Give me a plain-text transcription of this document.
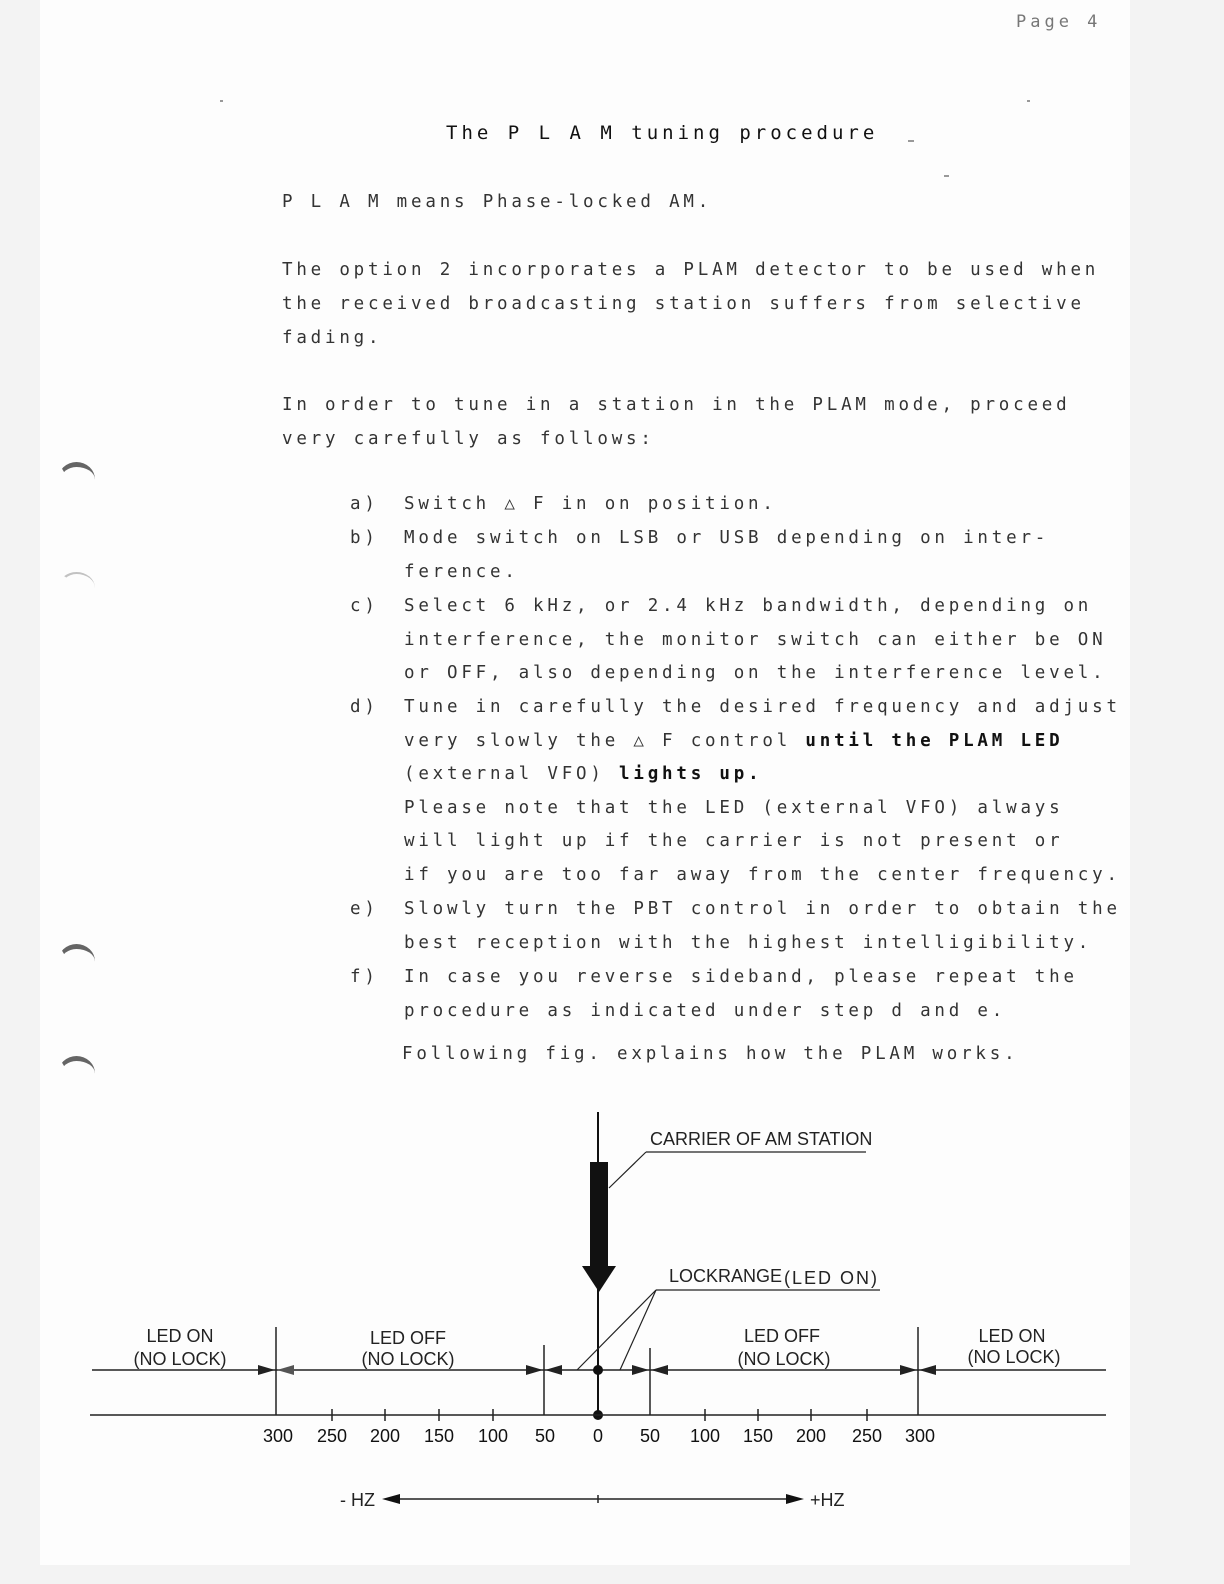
Page 4
The P L A M tuning procedure
P L A M means Phase-locked AM.
The option 2 incorporates a PLAM detector to be used when
the received broadcasting station suffers from selective
fading.
In order to tune in a station in the PLAM mode, proceed
very carefully as follows:
a) Switch △ F in on position.
b) Mode switch on LSB or USB depending on inter-
ference.
c) Select 6 kHz, or 2.4 kHz bandwidth, depending on
interference, the monitor switch can either be ON
or OFF, also depending on the interference level.
d) Tune in carefully the desired frequency and adjust
very slowly the △ F control until the PLAM LED
(external VFO) lights up.
Please note that the LED (external VFO) always
will light up if the carrier is not present or
if you are too far away from the center frequency.
e) Slowly turn the PBT control in order to obtain the
best reception with the highest intelligibility.
f) In case you reverse sideband, please repeat the
procedure as indicated under step d and e.
Following fig. explains how the PLAM works.
CARRIER OF AM STATION
LOCKRANGE (LED ON)
LED ON
(NO LOCK)
LED OFF
(NO LOCK)
LED OFF
(NO LOCK)
LED ON
(NO LOCK)
300 250 200 150 100 50 0 50 100 150 200 250 300
- HZ	+HZ
